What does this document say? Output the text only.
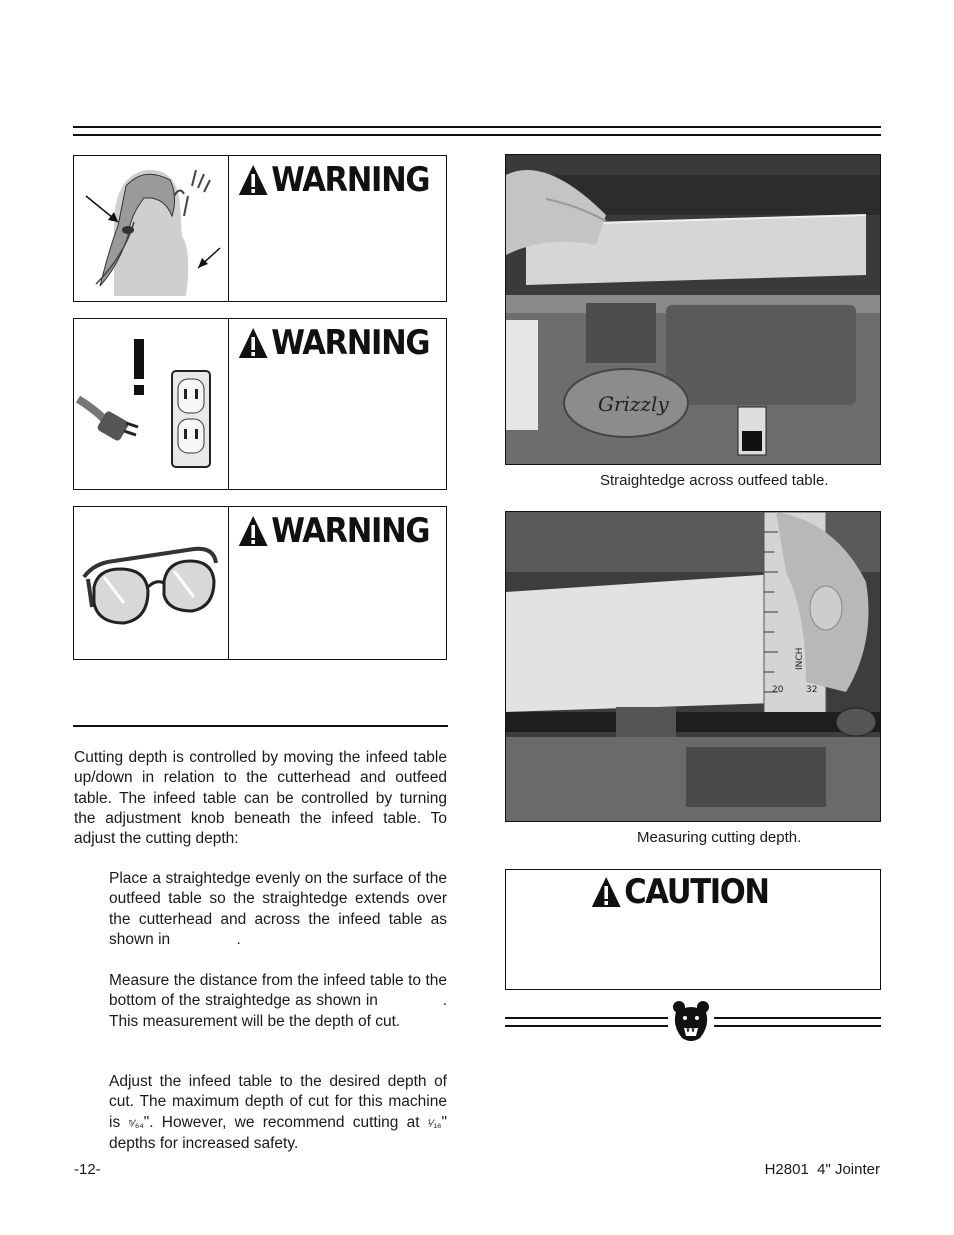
WARNING
WARNING
WARNING
Cutting depth is controlled by moving the infeed table up/down in relation to the cutterhead and outfeed table. The infeed table can be controlled by turning the adjustment knob beneath the infeed table. To adjust the cutting depth:
Place a straightedge evenly on the surface of the outfeed table so the straightedge extends over the cutterhead and across the infeed table as shown in	.
Measure the distance from the infeed table to the bottom of the straightedge as shown in	. This measurement will be the depth of cut.
Adjust the infeed table to the desired depth of cut. The maximum depth of cut for this machine is ⁵⁄₆₄". However, we recommend cutting at ¹⁄₁₆" depths for increased safety.
Grizzly
Straightedge across outfeed table.
INCH
20	32
Measuring cutting depth.
CAUTION
-12-	H2801  4" Jointer
